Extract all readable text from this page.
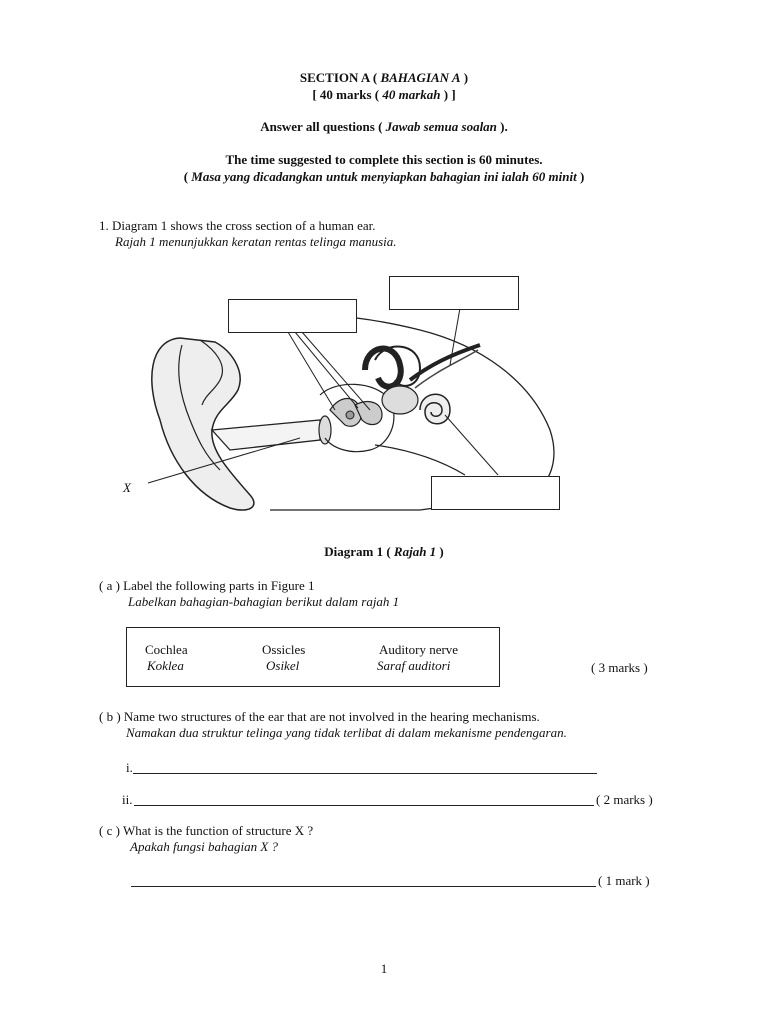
SECTION A ( BAHAGIAN A )
[ 40 marks ( 40 markah ) ]
Answer all questions ( Jawab semua soalan ).
The time suggested to complete this section is 60 minutes.
( Masa yang dicadangkan untuk menyiapkan bahagian ini ialah 60 minit )
1. Diagram 1 shows the cross section of a human ear.
Rajah 1 menunjukkan keratan rentas telinga manusia.
X
Diagram 1 ( Rajah 1 )
( a ) Label the following parts in Figure 1
Labelkan bahagian-bahagian berikut dalam rajah 1
Cochlea
Koklea
Ossicles
Osikel
Auditory nerve
Saraf auditori	( 3 marks )
( b ) Name two structures of the ear that are not involved in the hearing mechanisms.
Namakan dua struktur telinga yang tidak terlibat di dalam mekanisme pendengaran.
i.
ii.	( 2 marks )
( c ) What is the function of structure X ?
Apakah fungsi bahagian X ?
( 1 mark )
1
